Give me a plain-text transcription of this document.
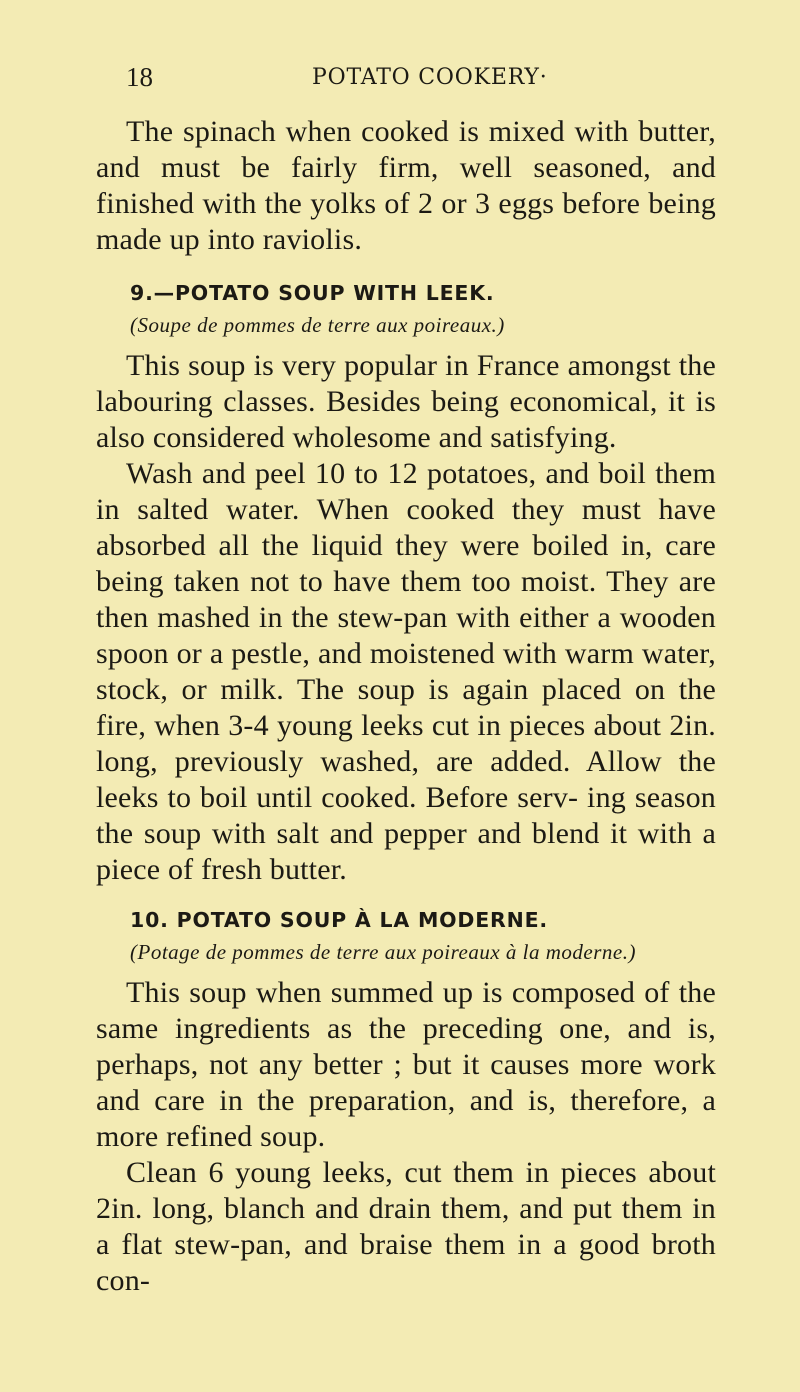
18	POTATO COOKERY·

The spinach when cooked is mixed with butter, and must be fairly firm, well seasoned, and finished with the yolks of 2 or 3 eggs before being made up into raviolis.

9.—POTATO SOUP WITH LEEK.

(Soupe de pommes de terre aux poireaux.)

This soup is very popular in France amongst the labouring classes. Besides being economical, it is also considered wholesome and satisfying.

Wash and peel 10 to 12 potatoes, and boil them in salted water. When cooked they must have absorbed all the liquid they were boiled in, care being taken not to have them too moist. They are then mashed in the stew-pan with either a wooden spoon or a pestle, and moistened with warm water, stock, or milk. The soup is again placed on the fire, when 3-4 young leeks cut in pieces about 2in. long, previously washed, are added. Allow the leeks to boil until cooked. Before serv- ing season the soup with salt and pepper and blend it with a piece of fresh butter.

10. POTATO SOUP À LA MODERNE.

(Potage de pommes de terre aux poireaux à la moderne.)

This soup when summed up is composed of the same ingredients as the preceding one, and is, perhaps, not any better ; but it causes more work and care in the preparation, and is, therefore, a more refined soup.

Clean 6 young leeks, cut them in pieces about 2in. long, blanch and drain them, and put them in a flat stew-pan, and braise them in a good broth con-
